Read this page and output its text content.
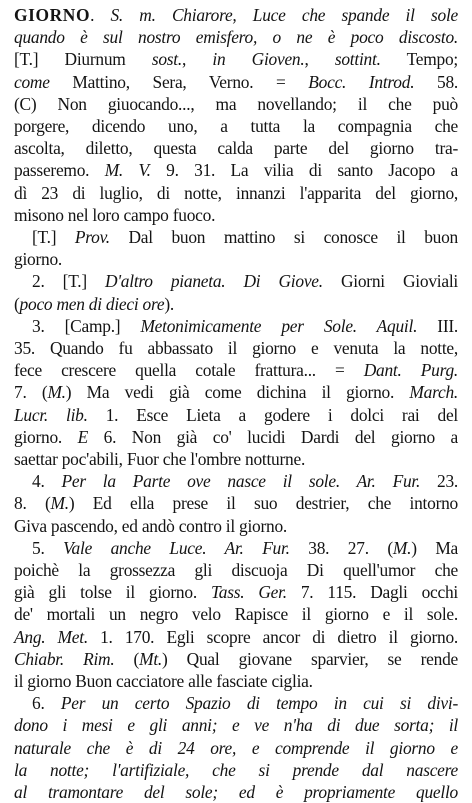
GIORNO. S. m. Chiarore, Luce che spande il sole
quando è sul nostro emisfero, o ne è poco discosto.
[T.] Diurnum sost., in Gioven., sottint. Tempo;
come Mattino, Sera, Verno. = Bocc. Introd. 58.
(C) Non giuocando..., ma novellando; il che può
porgere, dicendo uno, a tutta la compagnia che
ascolta, diletto, questa calda parte del giorno tra-
passeremo. M. V. 9. 31. La vilia di santo Jacopo a
dì 23 di luglio, di notte, innanzi l'apparita del giorno,
misono nel loro campo fuoco.
[T.] Prov. Dal buon mattino si conosce il buon
giorno.
2. [T.] D'altro pianeta. Di Giove. Giorni Gioviali
(poco men di dieci ore).
3. [Camp.] Metonimicamente per Sole. Aquil. III.
35. Quando fu abbassato il giorno e venuta la notte,
fece crescere quella cotale frattura... = Dant. Purg.
7. (M.) Ma vedi già come dichina il giorno. March.
Lucr. lib. 1. Esce Lieta a godere i dolci rai del
giorno. E 6. Non già co' lucidi Dardi del giorno a
saettar poc'abili, Fuor che l'ombre notturne.
4. Per la Parte ove nasce il sole. Ar. Fur. 23.
8. (M.) Ed ella prese il suo destrier, che intorno
Giva pascendo, ed andò contro il giorno.
5. Vale anche Luce. Ar. Fur. 38. 27. (M.) Ma
poichè la grossezza gli discuoja Di quell'umor che
già gli tolse il giorno. Tass. Ger. 7. 115. Dagli occhi
de' mortali un negro velo Rapisce il giorno e il sole.
Ang. Met. 1. 170. Egli scopre ancor di dietro il giorno.
Chiabr. Rim. (Mt.) Qual giovane sparvier, se rende
il giorno Buon cacciatore alle fasciate ciglia.
6. Per un certo Spazio di tempo in cui si divi-
dono i mesi e gli anni; e ve n'ha di due sorta; il
naturale che è di 24 ore, e comprende il giorno e
la notte; l'artifiziale, che si prende dal nascere
al tramontare del sole; ed è propriamente quello
